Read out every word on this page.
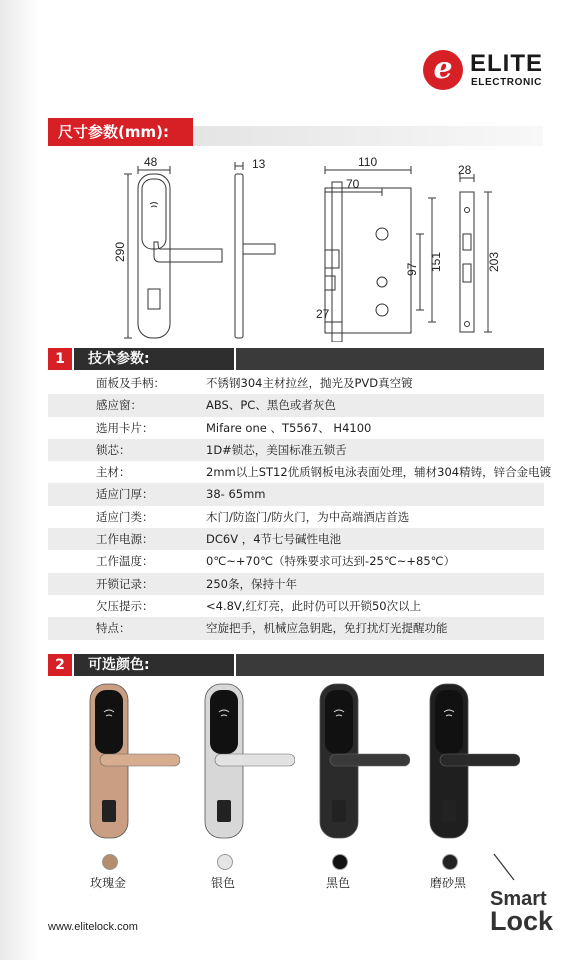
e ELITE
ELECTRONIC
尺寸参数(mm):
48
290
13	110
70
97 151
27
28
203
1	技术参数:
面板及手柄：	不锈钢304主材拉丝，抛光及PVD真空镀
感应窗：	ABS、PC、黑色或者灰色
选用卡片：	Mifare one 、T5567、 H4100
锁芯：	1D#锁芯，美国标准五锁舌
主材：	2mm以上ST12优质钢板电泳表面处理，辅材304精铸，锌合金电镀
适应门厚：	38- 65mm
适应门类：	木门/防盗门/防火门，为中高端酒店首选
工作电源：	DC6V ，4节七号碱性电池
工作温度：	0℃~+70℃（特殊要求可达到-25℃~+85℃）
开锁记录：	250条，保持十年
欠压提示：	<4.8V,红灯亮，此时仍可以开锁50次以上
特点：	空旋把手，机械应急钥匙，免打扰灯光提醒功能
2	可选颜色:
玫瑰金	银色	黑色	磨砂黑
www.elitelock.com
Smart
Lock
